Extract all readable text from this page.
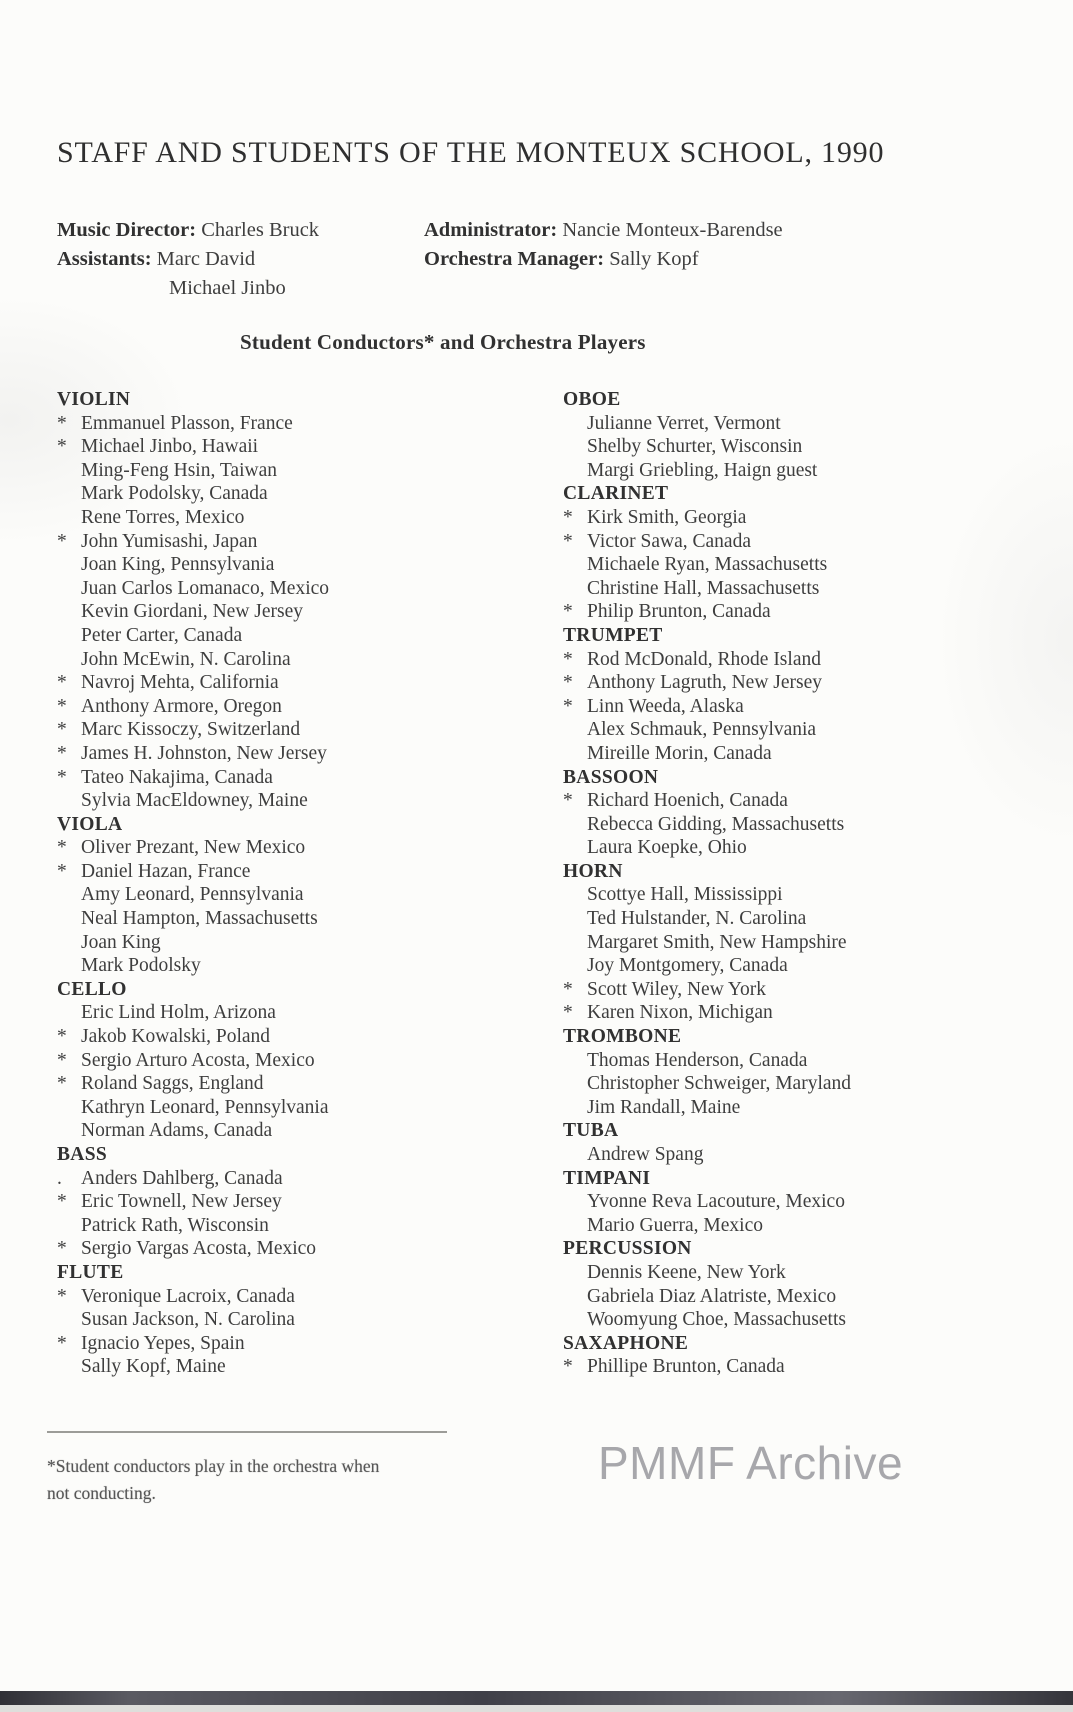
STAFF AND STUDENTS OF THE MONTEUX SCHOOL, 1990
Music Director: Charles Bruck
Assistants: Marc David
Michael Jinbo
Administrator: Nancie Monteux-Barendse
Orchestra Manager: Sally Kopf
Student Conductors* and Orchestra Players
VIOLIN
* Emmanuel Plasson, France
* Michael Jinbo, Hawaii
Ming-Feng Hsin, Taiwan
Mark Podolsky, Canada
Rene Torres, Mexico
* John Yumisashi, Japan
Joan King, Pennsylvania
Juan Carlos Lomanaco, Mexico
Kevin Giordani, New Jersey
Peter Carter, Canada
John McEwin, N. Carolina
* Navroj Mehta, California
* Anthony Armore, Oregon
* Marc Kissoczy, Switzerland
* James H. Johnston, New Jersey
* Tateo Nakajima, Canada
Sylvia MacEldowney, Maine
VIOLA
* Oliver Prezant, New Mexico
* Daniel Hazan, France
Amy Leonard, Pennsylvania
Neal Hampton, Massachusetts
Joan King
Mark Podolsky
CELLO
Eric Lind Holm, Arizona
* Jakob Kowalski, Poland
* Sergio Arturo Acosta, Mexico
* Roland Saggs, England
Kathryn Leonard, Pennsylvania
Norman Adams, Canada
BASS
. Anders Dahlberg, Canada
* Eric Townell, New Jersey
Patrick Rath, Wisconsin
* Sergio Vargas Acosta, Mexico
FLUTE
* Veronique Lacroix, Canada
Susan Jackson, N. Carolina
* Ignacio Yepes, Spain
Sally Kopf, Maine
OBOE
Julianne Verret, Vermont
Shelby Schurter, Wisconsin
Margi Griebling, Haign guest
CLARINET
* Kirk Smith, Georgia
* Victor Sawa, Canada
Michaele Ryan, Massachusetts
Christine Hall, Massachusetts
* Philip Brunton, Canada
TRUMPET
* Rod McDonald, Rhode Island
* Anthony Lagruth, New Jersey
* Linn Weeda, Alaska
Alex Schmauk, Pennsylvania
Mireille Morin, Canada
BASSOON
* Richard Hoenich, Canada
Rebecca Gidding, Massachusetts
Laura Koepke, Ohio
HORN
Scottye Hall, Mississippi
Ted Hulstander, N. Carolina
Margaret Smith, New Hampshire
Joy Montgomery, Canada
* Scott Wiley, New York
* Karen Nixon, Michigan
TROMBONE
Thomas Henderson, Canada
Christopher Schweiger, Maryland
Jim Randall, Maine
TUBA
Andrew Spang
TIMPANI
Yvonne Reva Lacouture, Mexico
Mario Guerra, Mexico
PERCUSSION
Dennis Keene, New York
Gabriela Diaz Alatriste, Mexico
Woomyung Choe, Massachusetts
SAXAPHONE
* Phillipe Brunton, Canada
*Student conductors play in the orchestra when
not conducting.
PMMF Archive
